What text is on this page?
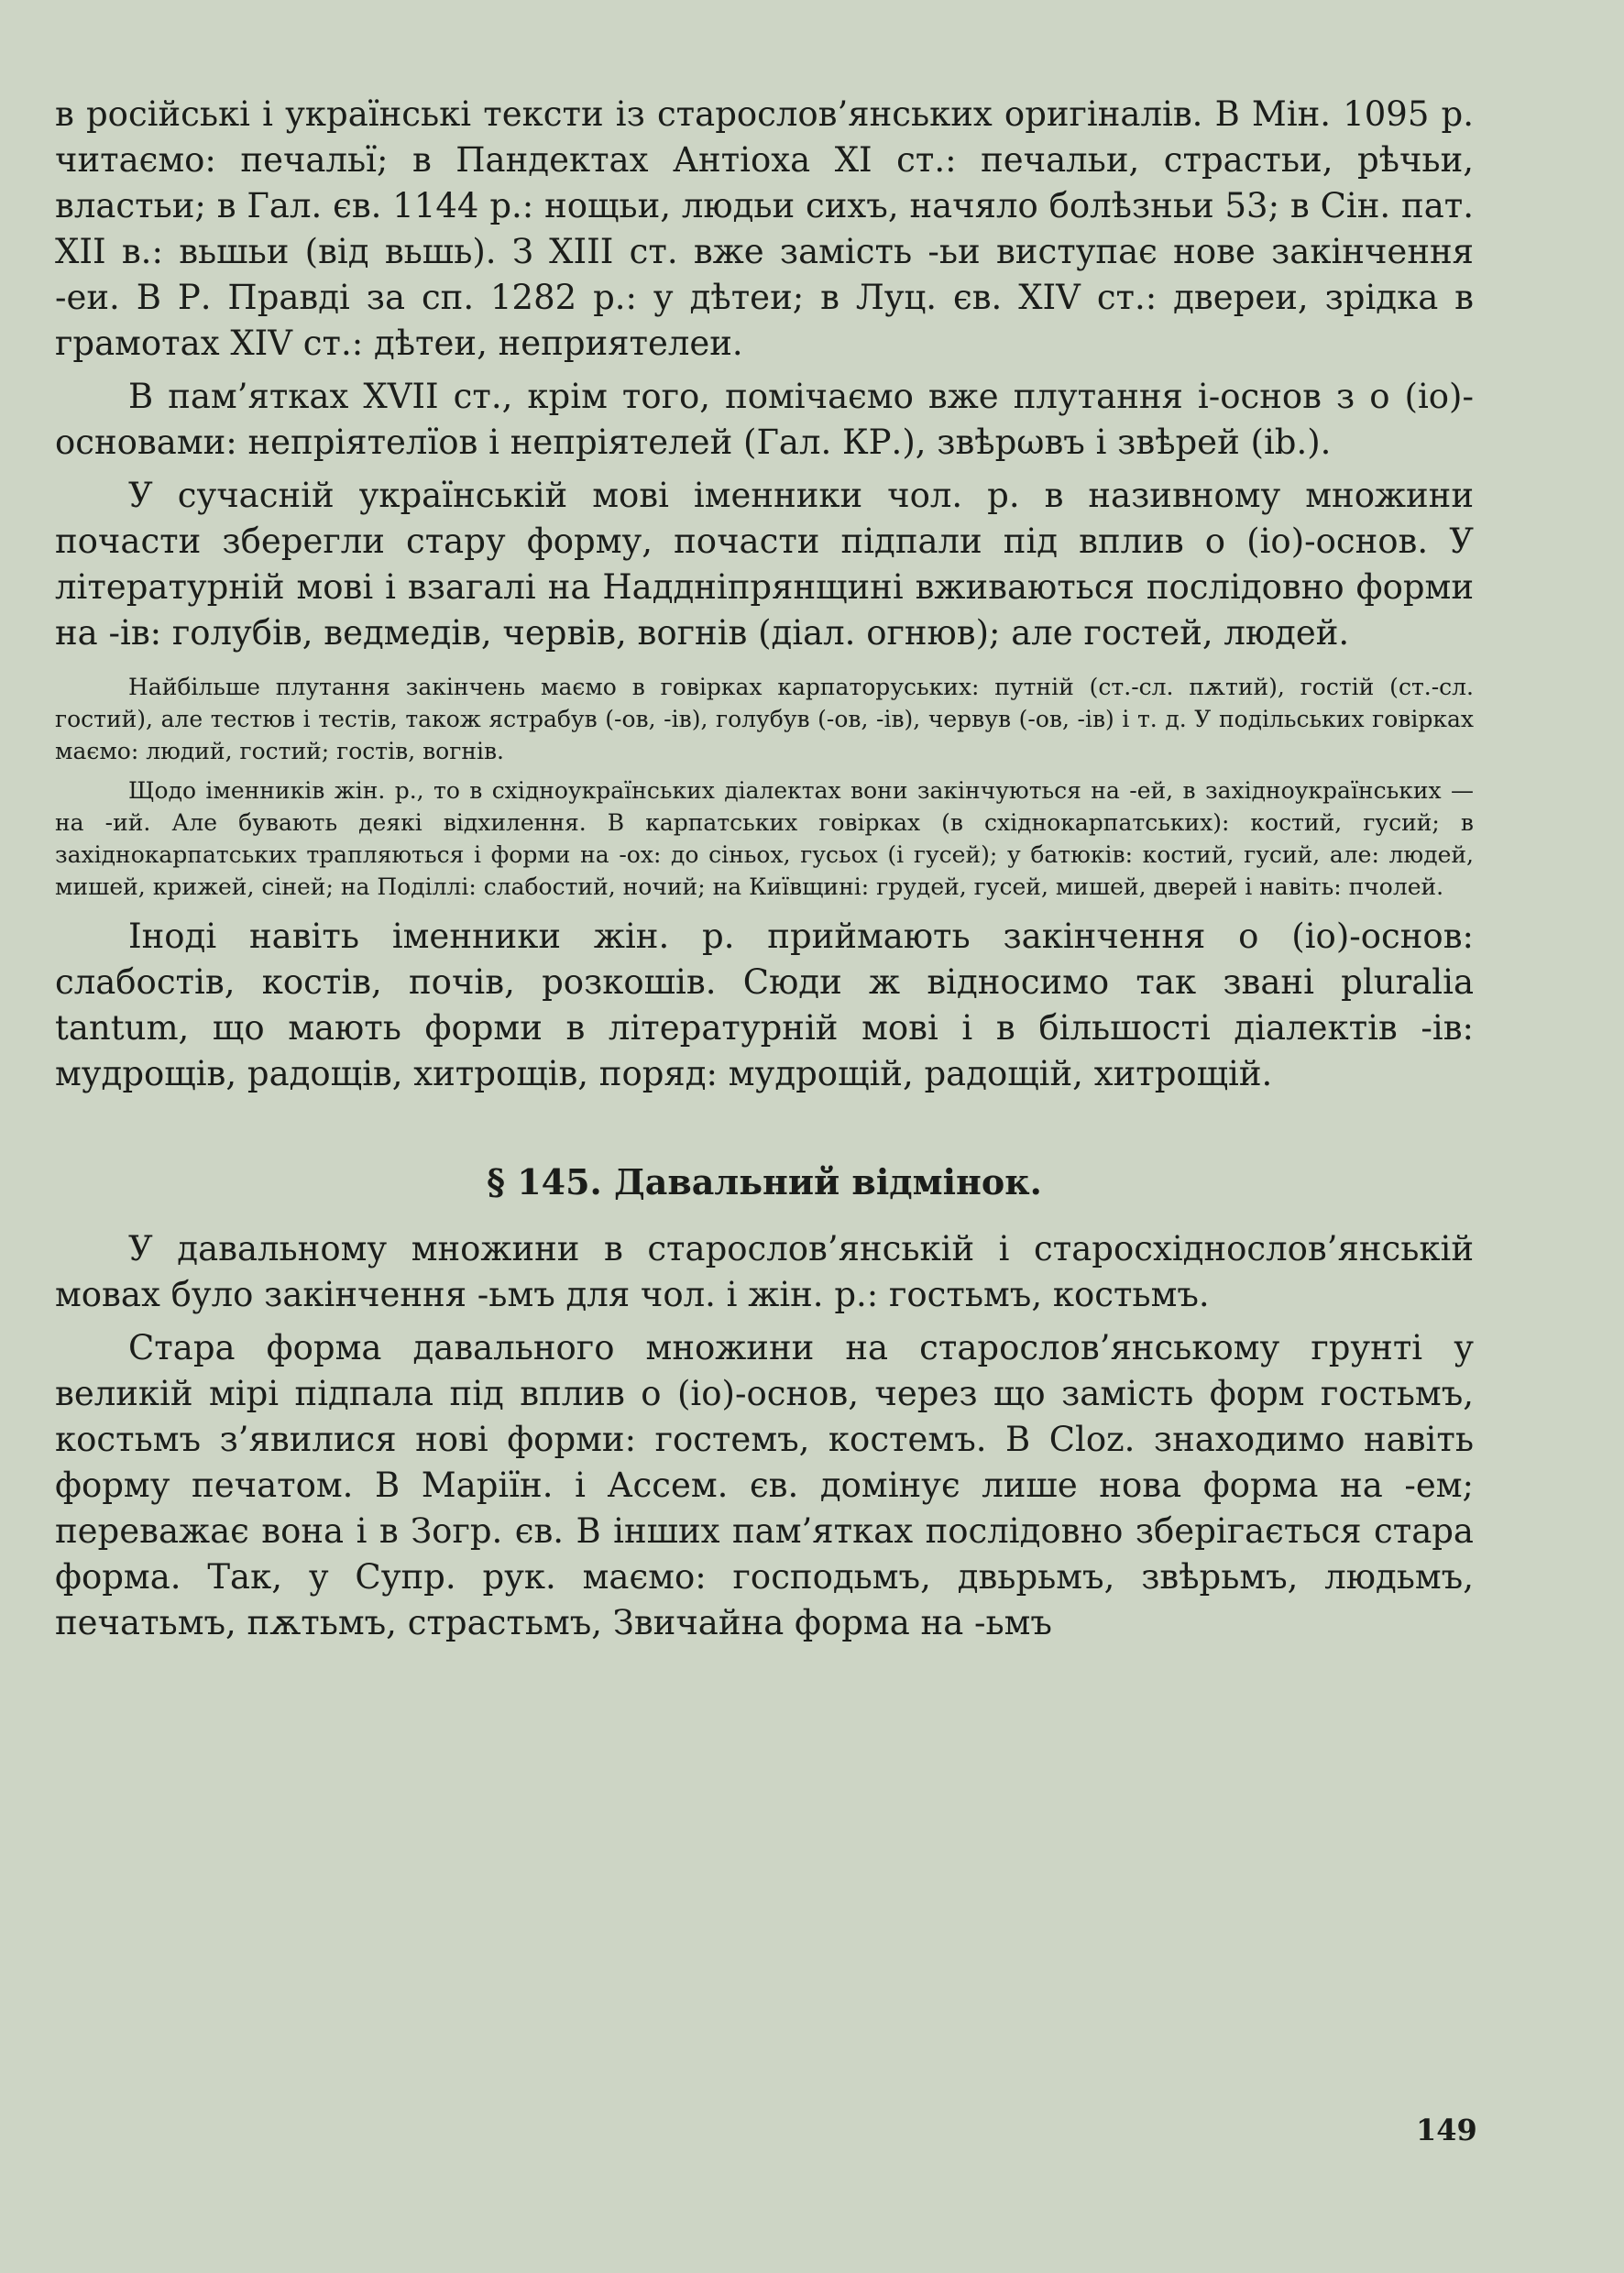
в російські і українські тексти із старослов’янських оригіналів. В Мін. 1095 р. читаємо: печальї; в Пандектах Антіоха XI ст.: печальи, страстьи, рѣчьи, властьи; в Гал. єв. 1144 р.: нощьи, людьи сихъ, начяло болѣзньи 53; в Сін. пат. XII в.: вьшьи (від вьшь). З XIII ст. вже замість -ьи виступає нове закінчення -еи. В Р. Правді за сп. 1282 р.: у дѣтеи; в Луц. єв. XIV ст.: двереи, зрідка в грамотах XIV ст.: дѣтеи, неприятелеи.

В пам’ятках XVII ст., крім того, помічаємо вже плутання і-основ з о (іо)-основами: непріятелїов і непріятелей (Гал. КР.), звѣрωвъ і звѣрей (ib.).

У сучасній українській мові іменники чол. р. в називному множини почасти зберегли стару форму, почасти підпали під вплив о (іо)-основ. У літературній мові і взагалі на Наддніпрянщині вживаються послідовно форми на -ів: голубів, ведмедів, червів, вогнів (діал. огнюв); але гостей, людей.

Найбільше плутання закінчень маємо в говірках карпаторуських: путній (ст.-сл. пѫтий), гостій (ст.-сл. гостий), але тестюв і тестів, також ястрабув (-ов, -ів), голубув (-ов, -ів), червув (-ов, -ів) і т. д. У подільських говірках маємо: людий, гостий; гостів, вогнів.

Щодо іменників жін. р., то в східноукраїнських діалектах вони закінчуються на -ей, в західноукраїнських — на -ий. Але бувають деякі відхилення. В карпатських говірках (в східнокарпатських): костий, гусий; в західнокарпатських трапляються і форми на -ох: до сіньох, гусьох (і гусей); у батюків: костий, гусий, але: людей, мишей, крижей, сіней; на Поділлі: слабостий, ночий; на Київщині: грудей, гусей, мишей, дверей і навіть: пчолей.

Іноді навіть іменники жін. р. приймають закінчення о (іо)-основ: слабостів, костів, почів, розкошів. Сюди ж відносимо так звані pluralia tantum, що мають форми в літературній мові і в більшості діалектів -ів: мудрощів, радощів, хитрощів, поряд: мудрощій, радощій, хитрощій.

§ 145. Давальний відмінок.

У давальному множини в старослов’янській і старосхіднослов’янській мовах було закінчення -ьмъ для чол. і жін. р.: гостьмъ, костьмъ.

Стара форма давального множини на старослов’янському грунті у великій мірі підпала під вплив о (іо)-основ, через що замість форм гостьмъ, костьмъ з’явилися нові форми: гостемъ, костемъ. В Cloz. знаходимо навіть форму печатом. В Маріїн. і Ассем. єв. домінує лише нова форма на -ем; переважає вона і в Зогр. єв. В інших пам’ятках послідовно зберігається стара форма. Так, у Супр. рук. маємо: господьмъ, двьрьмъ, звѣрьмъ, людьмъ, печатьмъ, пѫтьмъ, страстьмъ, Звичайна форма на -ьмъ

149
